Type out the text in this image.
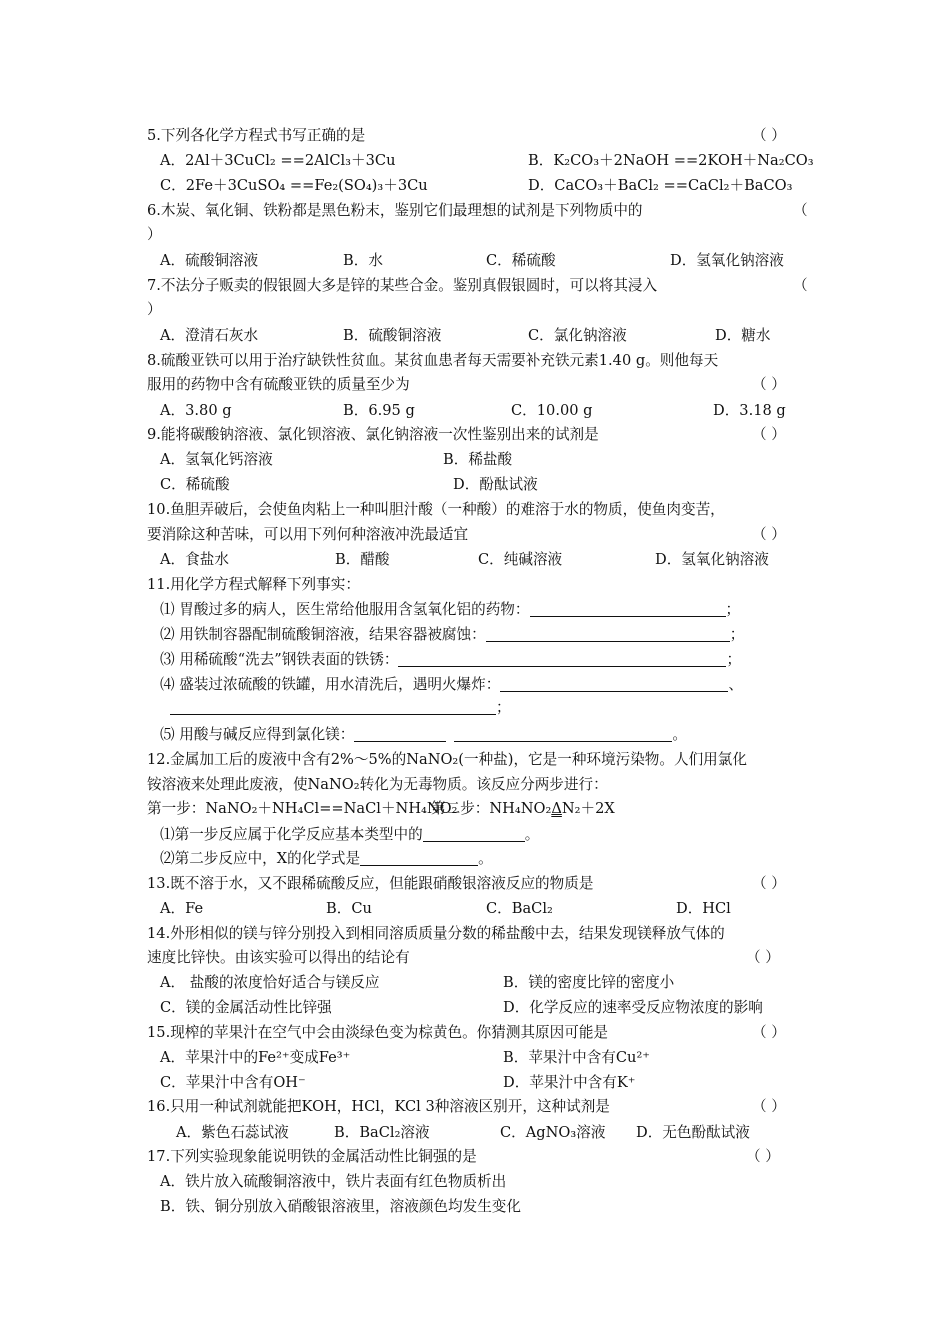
5.下列各化学方程式书写正确的是	（ ）
A．2Al＋3CuCl₂ ==2AlCl₃＋3Cu	B．K₂CO₃＋2NaOH ==2KOH＋Na₂CO₃
C．2Fe＋3CuSO₄ ==Fe₂(SO₄)₃＋3Cu	D．CaCO₃＋BaCl₂ ==CaCl₂＋BaCO₃
6.木炭、氧化铜、铁粉都是黑色粉末，鉴别它们最理想的试剂是下列物质中的	（
）
A．硫酸铜溶液	B．水	C．稀硫酸	D．氢氧化钠溶液
7.不法分子贩卖的假银圆大多是锌的某些合金。鉴别真假银圆时，可以将其浸入	（
）
A．澄清石灰水	B．硫酸铜溶液	C．氯化钠溶液	D．糖水
8.硫酸亚铁可以用于治疗缺铁性贫血。某贫血患者每天需要补充铁元素1.40 g。则他每天
服用的药物中含有硫酸亚铁的质量至少为	（ ）
A．3.80 g	B．6.95 g	C．10.00 g	D．3.18 g
9.能将碳酸钠溶液、氯化钡溶液、氯化钠溶液一次性鉴别出来的试剂是	（ ）
A．氢氧化钙溶液	B．稀盐酸
C．稀硫酸	D．酚酞试液
10.鱼胆弄破后，会使鱼肉粘上一种叫胆汁酸（一种酸）的难溶于水的物质，使鱼肉变苦，
要消除这种苦味，可以用下列何种溶液冲洗最适宜	（ ）
A．食盐水	B．醋酸	C．纯碱溶液	D．氢氧化钠溶液
11.用化学方程式解释下列事实：
⑴ 胃酸过多的病人，医生常给他服用含氢氧化铝的药物：	；
⑵ 用铁制容器配制硫酸铜溶液，结果容器被腐蚀：	；
⑶ 用稀硫酸“洗去”钢铁表面的铁锈：	；
⑷ 盛装过浓硫酸的铁罐，用水清洗后，遇明火爆炸：	、
；
⑸ 用酸与碱反应得到氯化镁：	。
12.金属加工后的废液中含有2%～5%的NaNO₂(一种盐)，它是一种环境污染物。人们用氯化
铵溶液来处理此废液，使NaNO₂转化为无毒物质。该反应分两步进行：
第一步：NaNO₂＋NH₄Cl==NaCl＋NH₄NO₂
第二步：NH₄NO₂ΔN₂＋2X
⑴第一步反应属于化学反应基本类型中的	。
⑵第二步反应中，X的化学式是	。
13.既不溶于水，又不跟稀硫酸反应，但能跟硝酸银溶液反应的物质是	（ ）
A．Fe	B．Cu	C．BaCl₂	D．HCl
14.外形相似的镁与锌分别投入到相同溶质质量分数的稀盐酸中去，结果发现镁释放气体的
速度比锌快。由该实验可以得出的结论有	（ ）
A． 盐酸的浓度恰好适合与镁反应	B．镁的密度比锌的密度小
C．镁的金属活动性比锌强	D．化学反应的速率受反应物浓度的影响
15.现榨的苹果汁在空气中会由淡绿色变为棕黄色。你猜测其原因可能是	（ ）
A．苹果汁中的Fe²⁺变成Fe³⁺	B．苹果汁中含有Cu²⁺
C．苹果汁中含有OH⁻	D．苹果汁中含有K⁺
16.只用一种试剂就能把KOH，HCl，KCl 3种溶液区别开，这种试剂是	（ ）
A．紫色石蕊试液	B．BaCl₂溶液	C．AgNO₃溶液 D．无色酚酞试液
17.下列实验现象能说明铁的金属活动性比铜强的是	（ ）
A．铁片放入硫酸铜溶液中，铁片表面有红色物质析出
B．铁、铜分别放入硝酸银溶液里，溶液颜色均发生变化
